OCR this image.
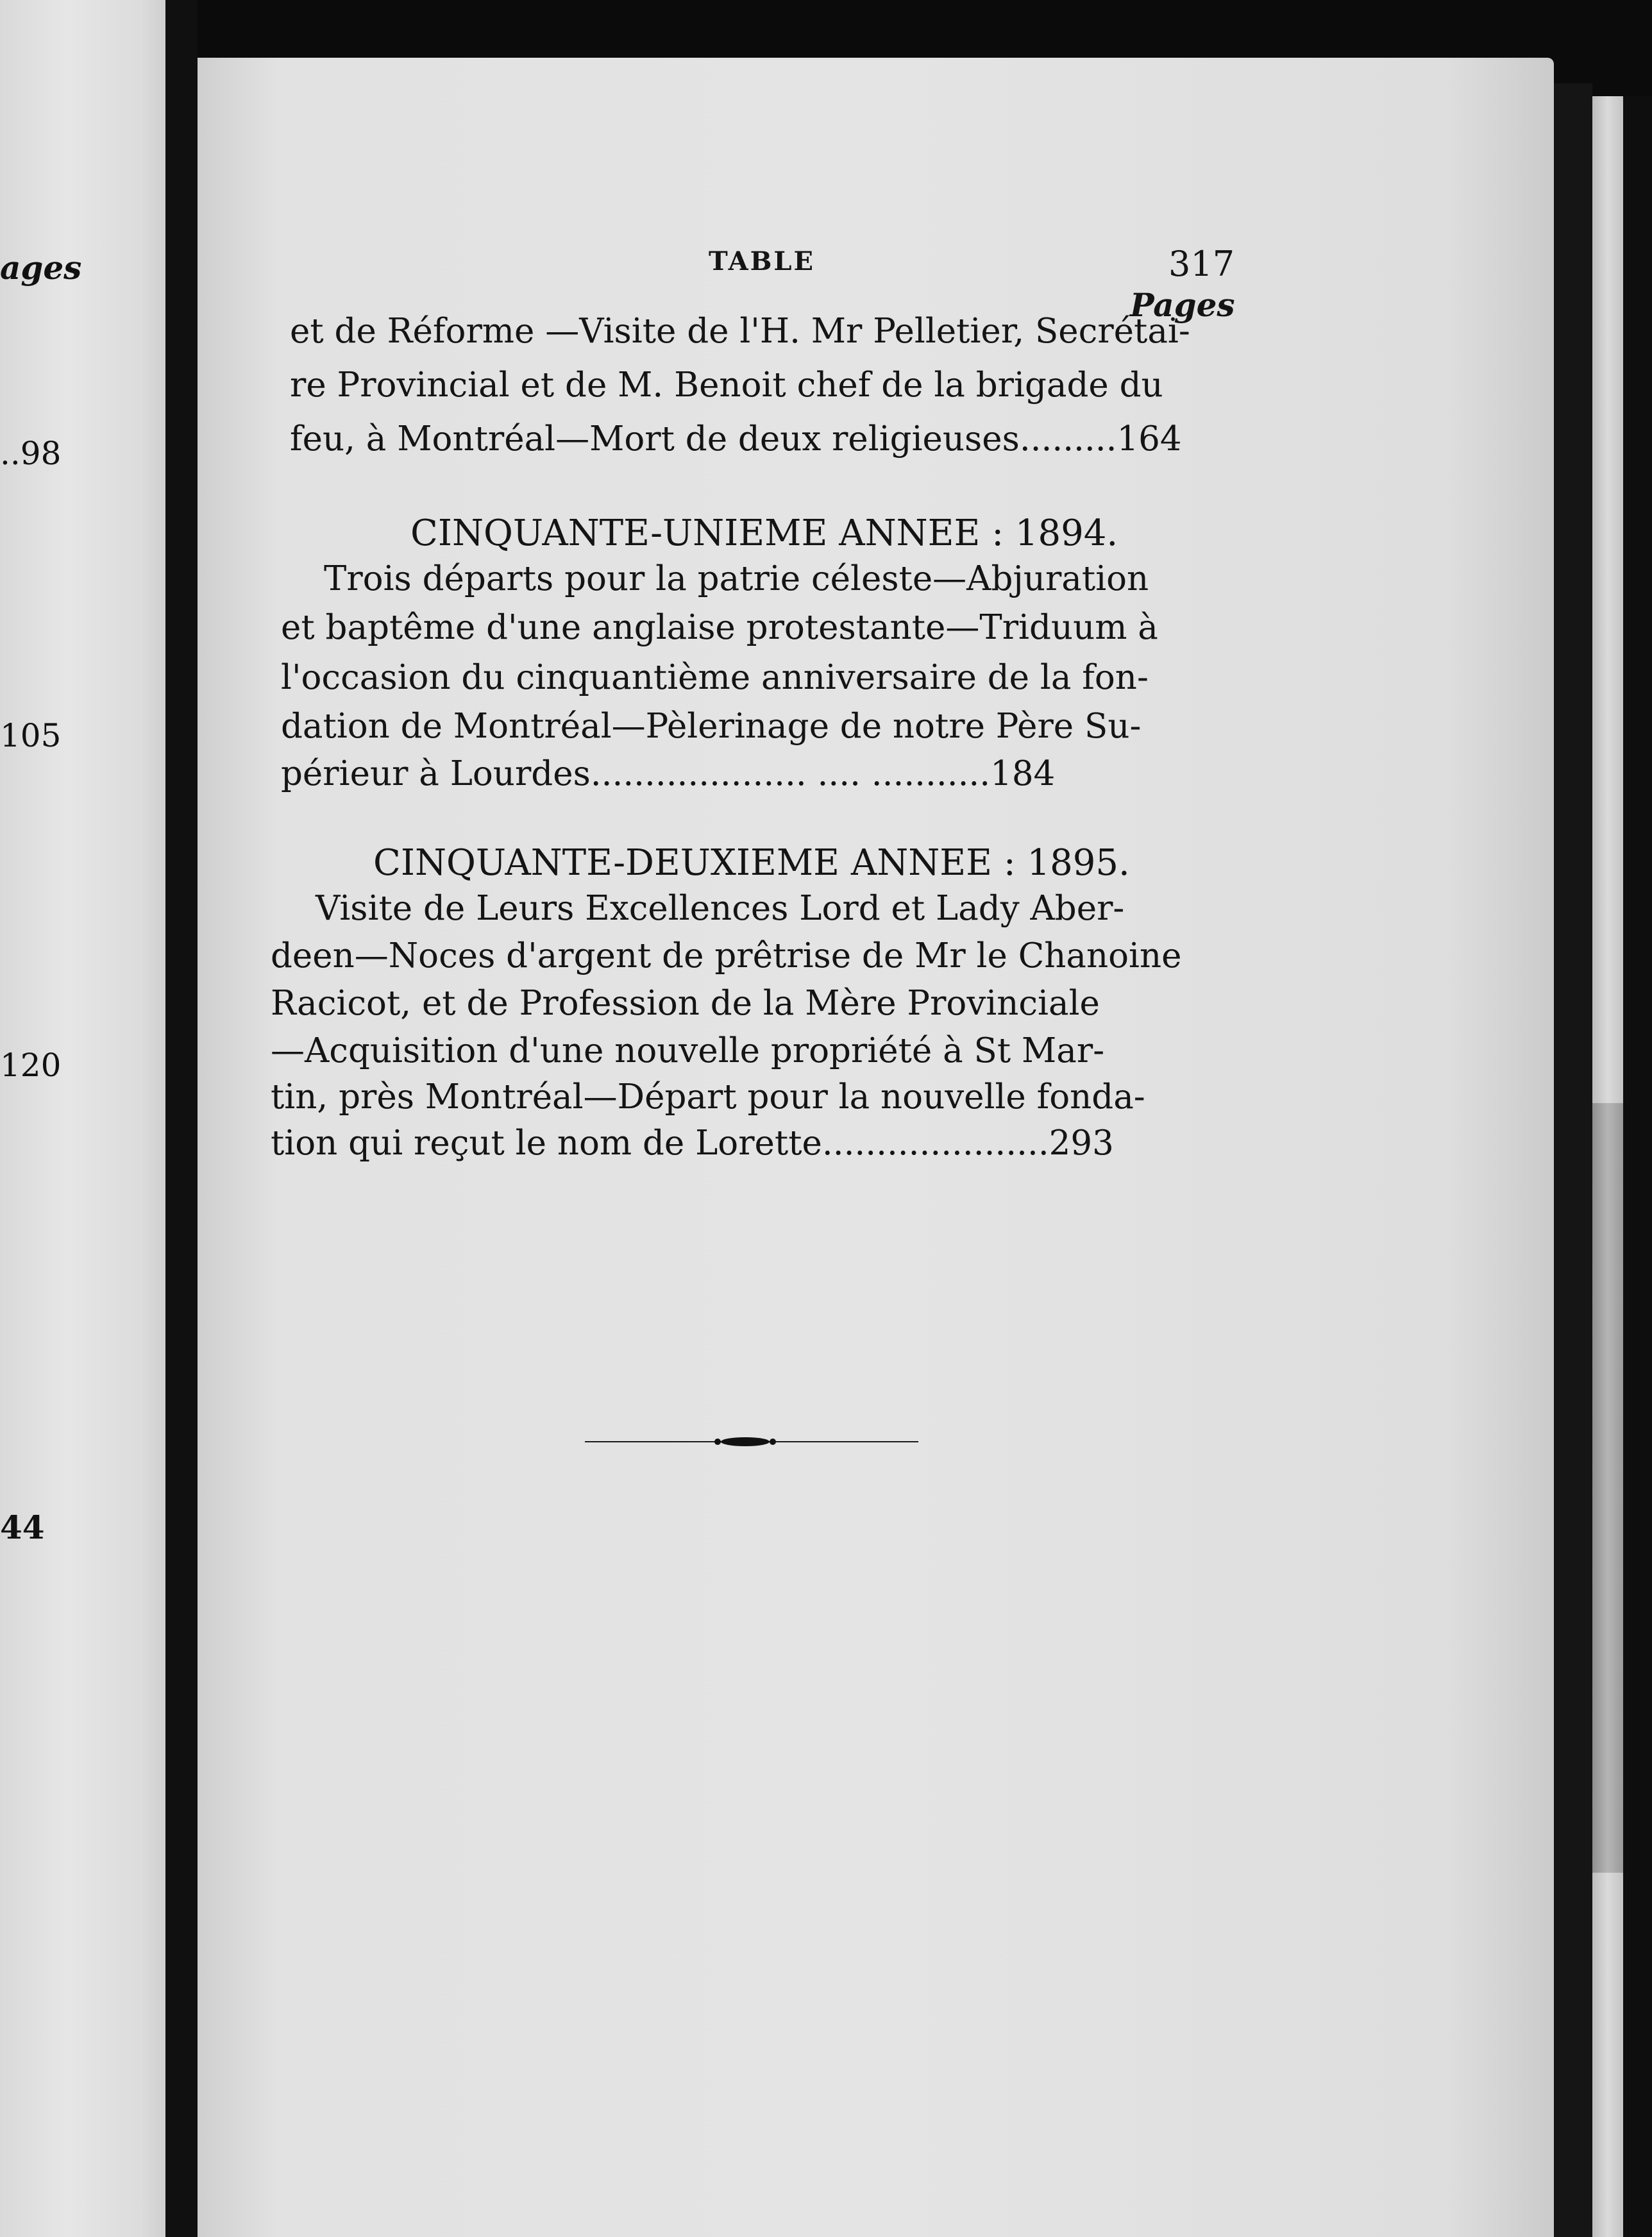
ages

..98

105

120

44

TABLE	317

Pages

et de Réforme —Visite de l'H. Mr Pelletier, Secrétai-

re Provincial et de M. Benoit chef de la brigade du

feu, à Montréal—Mort de deux religieuses.........164

CINQUANTE-UNIEME ANNEE : 1894.

Trois départs pour la patrie céleste—Abjuration

et baptême d'une anglaise protestante—Triduum à

l'occasion du cinquantième anniversaire de la fon-

dation de Montréal—Pèlerinage de notre Père Su-

périeur à Lourdes.................... .... ...........184

CINQUANTE-DEUXIEME ANNEE : 1895.

Visite de Leurs Excellences Lord et Lady Aber-

deen—Noces d'argent de prêtrise de Mr le Chanoine

Racicot, et de Profession de la Mère Provinciale

—Acquisition d'une nouvelle propriété à St Mar-

tin, près Montréal—Départ pour la nouvelle fonda-

tion qui reçut le nom de Lorette.....................293
